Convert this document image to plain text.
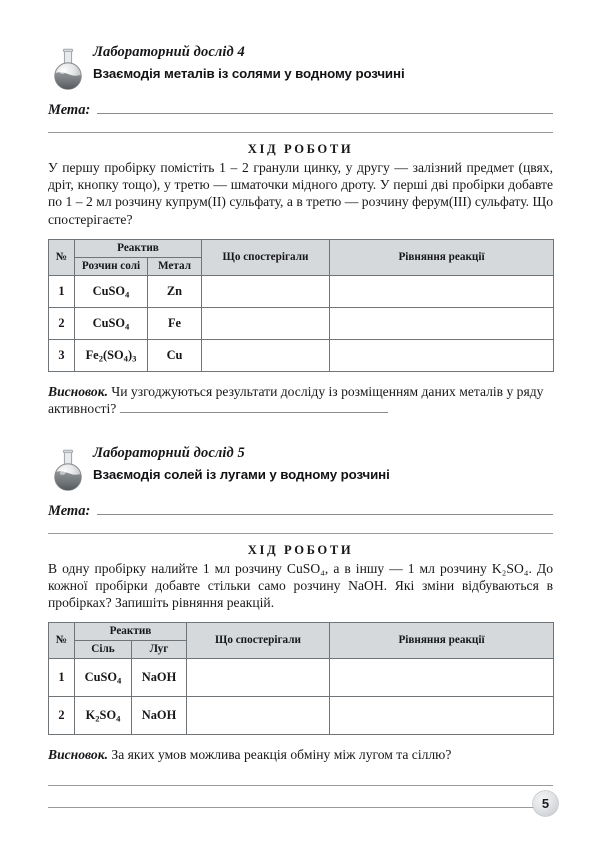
Лабораторний дослід 4
Взаємодія металів із солями у водному розчині
Мета:
ХІД РОБОТИ

У першу пробірку помістіть 1 – 2 гранули цинку, у другу — залізний предмет (цвях, дріт, кнопку тощо), у третю — шматочки мідного дроту. У перші дві пробірки добавте по 1 – 2 мл розчину купрум(II) сульфату, а в третю — розчину ферум(III) сульфату. Що спостерігаєте?

№	Реактив		Що спостерігали	Рівняння реакції
	Розчин солі	Метал		
1	CuSO$_4$	Zn		
2	CuSO$_4$	Fe		
3	$Fe_2(SO_4)_3$	Cu		
Висновок. Чи узгоджуються результати досліду із розміщенням даних металів у ряду активності?
Лабораторний дослід 5
Взаємодія солей із лугами у водному розчині
Мета:
ХІД РОБОТИ

В одну пробірку налийте 1 мл розчину CuSO₄, а в іншу — 1 мл розчину K₂SO₄. До кожної пробірки добавте стільки само розчину NaOH. Які зміни відбуваються в пробірках? Запишіть рівняння реакцій.

№	Реактив		Що спостерігали	Рівняння реакції
	Сіль	Луг		
1	CuSO$_4$	NaOH		
2	$K_2SO_4$	NaOH		
Висновок. За яких умов можлива реакція обміну між лугом та сіллю?
5
